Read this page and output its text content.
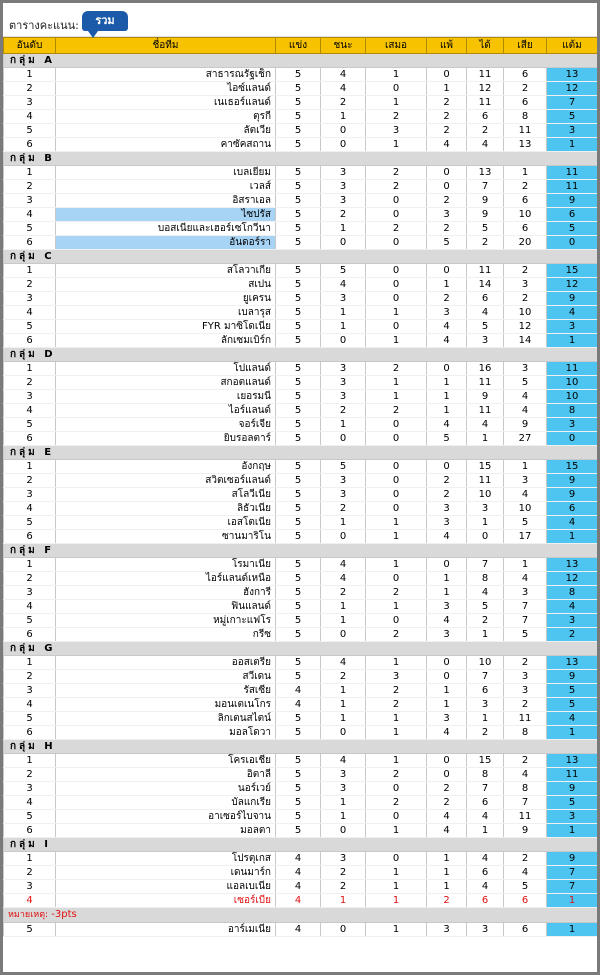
ตารางคะแนน:	รวม
อันดับ	ชื่อทีม	แข่ง	ชนะ	เสมอ	แพ้	ได้	เสีย	แต้ม
กลุ่ม A								
1	สาธารณรัฐเช็ก	5	4	1	0	11	6	13
2	ไอซ์แลนด์	5	4	0	1	12	2	12
3	เนเธอร์แลนด์	5	2	1	2	11	6	7
4	ตุรกี	5	1	2	2	6	8	5
5	ลัตเวีย	5	0	3	2	2	11	3
6	คาซัคสถาน	5	0	1	4	4	13	1
กลุ่ม B								
1	เบลเยียม	5	3	2	0	13	1	11
2	เวลส์	5	3	2	0	7	2	11
3	อิสราเอล	5	3	0	2	9	6	9
4	ไซปรัส	5	2	0	3	9	10	6
5	บอสเนียและเฮอร์เซโกวีนา	5	1	2	2	5	6	5
6	อันดอร์รา	5	0	0	5	2	20	0
กลุ่ม C								
1	สโลวาเกีย	5	5	0	0	11	2	15
2	สเปน	5	4	0	1	14	3	12
3	ยูเครน	5	3	0	2	6	2	9
4	เบลารุส	5	1	1	3	4	10	4
5	FYR มาซิโดเนีย	5	1	0	4	5	12	3
6	ลักเซมเบิร์ก	5	0	1	4	3	14	1
กลุ่ม D								
1	โปแลนด์	5	3	2	0	16	3	11
2	สกอตแลนด์	5	3	1	1	11	5	10
3	เยอรมนี	5	3	1	1	9	4	10
4	ไอร์แลนด์	5	2	2	1	11	4	8
5	จอร์เจีย	5	1	0	4	4	9	3
6	ยิบรอลตาร์	5	0	0	5	1	27	0
กลุ่ม E								
1	อังกฤษ	5	5	0	0	15	1	15
2	สวิตเซอร์แลนด์	5	3	0	2	11	3	9
3	สโลวีเนีย	5	3	0	2	10	4	9
4	ลิธัวเนีย	5	2	0	3	3	10	6
5	เอสโตเนีย	5	1	1	3	1	5	4
6	ซานมาริโน	5	0	1	4	0	17	1
กลุ่ม F								
1	โรมาเนีย	5	4	1	0	7	1	13
2	ไอร์แลนด์เหนือ	5	4	0	1	8	4	12
3	ฮังการี	5	2	2	1	4	3	8
4	ฟินแลนด์	5	1	1	3	5	7	4
5	หมู่เกาะแฟโร	5	1	0	4	2	7	3
6	กรีซ	5	0	2	3	1	5	2
กลุ่ม G								
1	ออสเตรีย	5	4	1	0	10	2	13
2	สวีเดน	5	2	3	0	7	3	9
3	รัสเซีย	4	1	2	1	6	3	5
4	มอนเตเนโกร	4	1	2	1	3	2	5
5	ลิกเตนสไตน์	5	1	1	3	1	11	4
6	มอลโดวา	5	0	1	4	2	8	1
กลุ่ม H								
1	โครเอเชีย	5	4	1	0	15	2	13
2	อิตาลี	5	3	2	0	8	4	11
3	นอร์เวย์	5	3	0	2	7	8	9
4	บัลแกเรีย	5	1	2	2	6	7	5
5	อาเซอร์ไบจาน	5	1	0	4	4	11	3
6	มอลตา	5	0	1	4	1	9	1
กลุ่ม I								
1	โปรตุเกส	4	3	0	1	4	2	9
2	เดนมาร์ก	4	2	1	1	6	4	7
3	แอลเบเนีย	4	2	1	1	4	5	7
4	เซอร์เบีย	4	1	1	2	6	6	1
หมายเหตุ: -3pts								
5	อาร์เมเนีย	4	0	1	3	3	6	1
[616x985] http://upic.me/
